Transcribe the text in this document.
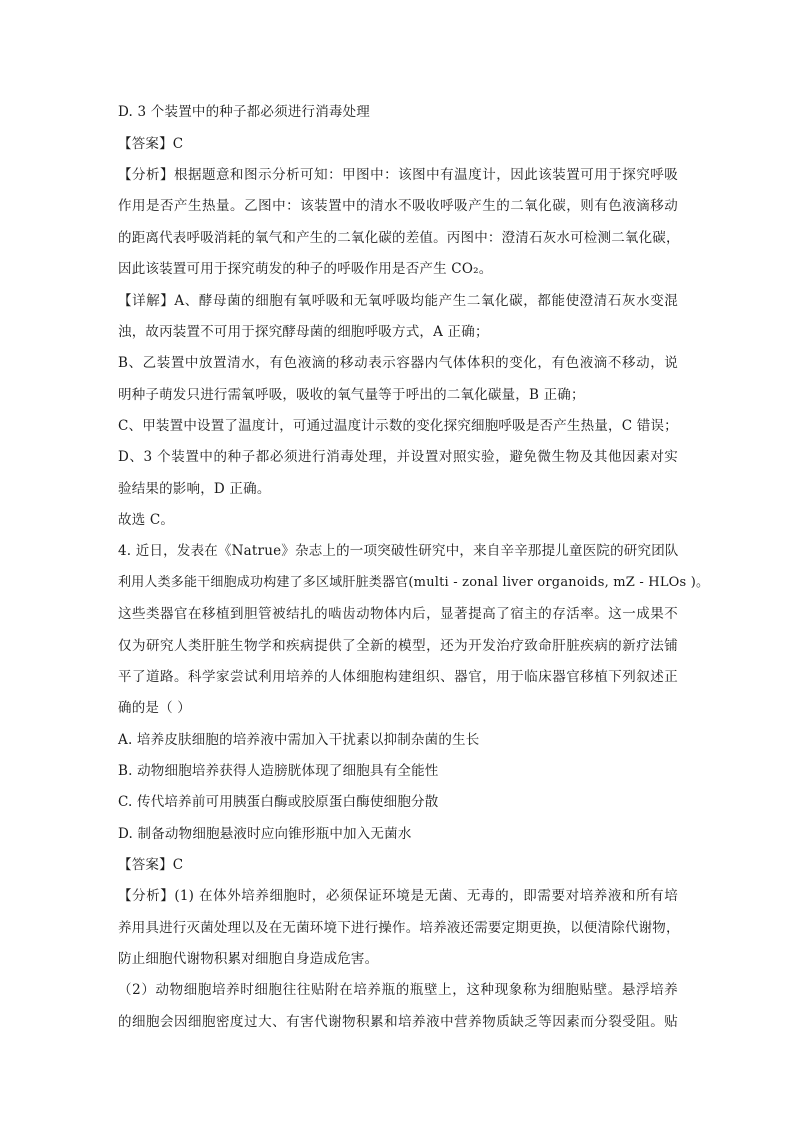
D. 3 个装置中的种子都必须进行消毒处理
【答案】C
【分析】根据题意和图示分析可知：甲图中：该图中有温度计，因此该装置可用于探究呼吸
作用是否产生热量。乙图中：该装置中的清水不吸收呼吸产生的二氧化碳，则有色液滴移动
的距离代表呼吸消耗的氧气和产生的二氧化碳的差值。丙图中：澄清石灰水可检测二氧化碳，
因此该装置可用于探究萌发的种子的呼吸作用是否产生 CO₂。
【详解】A、酵母菌的细胞有氧呼吸和无氧呼吸均能产生二氧化碳，都能使澄清石灰水变混
浊，故丙装置不可用于探究酵母菌的细胞呼吸方式，A 正确；
B、乙装置中放置清水，有色液滴的移动表示容器内气体体积的变化，有色液滴不移动，说
明种子萌发只进行需氧呼吸，吸收的氧气量等于呼出的二氧化碳量，B 正确；
C、甲装置中设置了温度计，可通过温度计示数的变化探究细胞呼吸是否产生热量，C 错误；
D、3 个装置中的种子都必须进行消毒处理，并设置对照实验，避免微生物及其他因素对实
验结果的影响，D 正确。
故选 C。
4. 近日，发表在《Natrue》杂志上的一项突破性研究中，来自辛辛那提儿童医院的研究团队
利用人类多能干细胞成功构建了多区域肝脏类器官(multi - zonal liver organoids, mZ - HLOs )。
这些类器官在移植到胆管被结扎的啮齿动物体内后，显著提高了宿主的存活率。这一成果不
仅为研究人类肝脏生物学和疾病提供了全新的模型，还为开发治疗致命肝脏疾病的新疗法铺
平了道路。科学家尝试利用培养的人体细胞构建组织、器官，用于临床器官移植下列叙述正
确的是（ ）
A. 培养皮肤细胞的培养液中需加入干扰素以抑制杂菌的生长
B. 动物细胞培养获得人造膀胱体现了细胞具有全能性
C. 传代培养前可用胰蛋白酶或胶原蛋白酶使细胞分散
D. 制备动物细胞悬液时应向锥形瓶中加入无菌水
【答案】C
【分析】(1) 在体外培养细胞时，必须保证环境是无菌、无毒的，即需要对培养液和所有培
养用具进行灭菌处理以及在无菌环境下进行操作。培养液还需要定期更换，以便清除代谢物，
防止细胞代谢物积累对细胞自身造成危害。
（2）动物细胞培养时细胞往往贴附在培养瓶的瓶壁上，这种现象称为细胞贴壁。悬浮培养
的细胞会因细胞密度过大、有害代谢物积累和培养液中营养物质缺乏等因素而分裂受阻。贴
